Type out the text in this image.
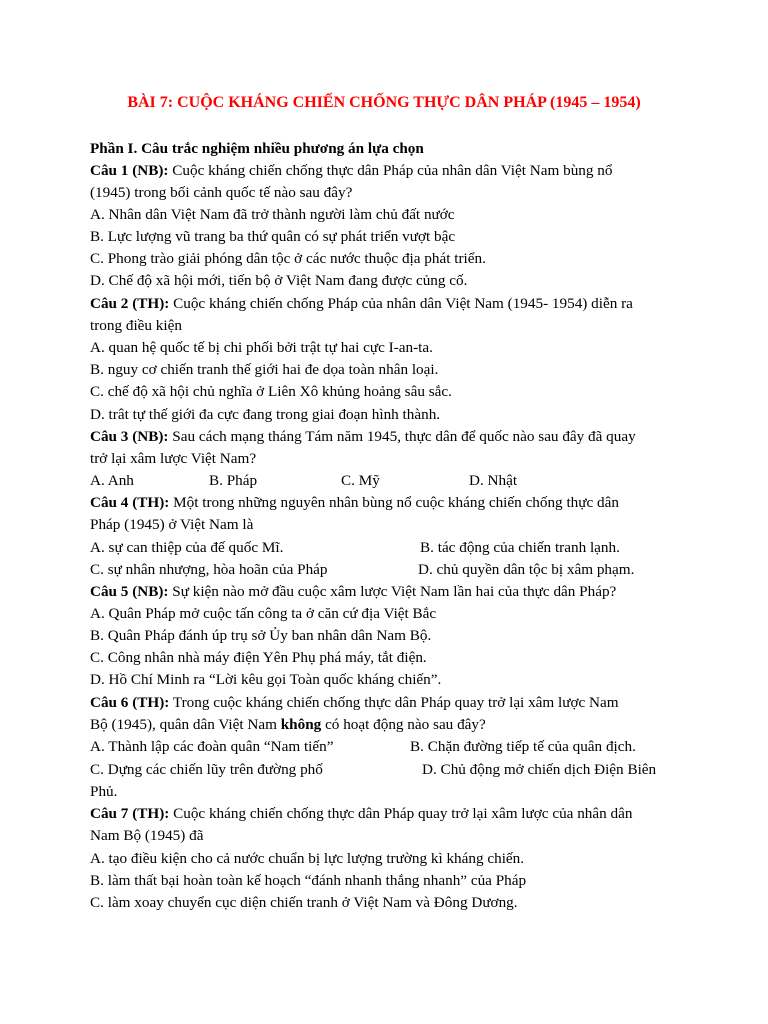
BÀI 7: CUỘC KHÁNG CHIẾN CHỐNG THỰC DÂN PHÁP (1945 – 1954)
Phần I. Câu trắc nghiệm nhiều phương án lựa chọn
Câu 1 (NB): Cuộc kháng chiến chống thực dân Pháp của nhân dân Việt Nam bùng nổ
(1945) trong bối cảnh quốc tế nào sau đây?
A. Nhân dân Việt Nam đã trở thành người làm chủ đất nước
B. Lực lượng vũ trang ba thứ quân có sự phát triển vượt bậc
C. Phong trào giải phóng dân tộc ở các nước thuộc địa phát triển.
D. Chế độ xã hội mới, tiến bộ ở Việt Nam đang được củng cố.
Câu 2 (TH): Cuộc kháng chiến chống Pháp của nhân dân Việt Nam (1945- 1954) diễn ra
trong điều kiện
A. quan hệ quốc tế bị chi phối bởi trật tự hai cực I-an-ta.
B. nguy cơ chiến tranh thế giới hai đe dọa toàn nhân loại.
C. chế độ xã hội chủ nghĩa ở Liên Xô khủng hoảng sâu sắc.
D. trât tự thế giới đa cực đang trong giai đoạn hình thành.
Câu 3 (NB): Sau cách mạng tháng Tám năm 1945, thực dân để quốc nào sau đây đã quay
trở lại xâm lược Việt Nam?
A. Anh	B. Pháp	C. Mỹ	D. Nhật
Câu 4 (TH): Một trong những nguyên nhân bùng nổ cuộc kháng chiến chống thực dân
Pháp (1945) ở Việt Nam là
A. sự can thiệp của đế quốc Mĩ.	B. tác động của chiến tranh lạnh.
C. sự nhân nhượng, hòa hoãn của Pháp	D. chủ quyền dân tộc bị xâm phạm.
Câu 5 (NB): Sự kiện nào mở đầu cuộc xâm lược Việt Nam lần hai của thực dân Pháp?
A. Quân Pháp mở cuộc tấn công ta ở căn cứ địa Việt Bắc
B. Quân Pháp đánh úp trụ sở Ủy ban nhân dân Nam Bộ.
C. Công nhân nhà máy điện Yên Phụ phá máy, tắt điện.
D. Hồ Chí Minh ra “Lời kêu gọi Toàn quốc kháng chiến”.
Câu 6 (TH): Trong cuộc kháng chiến chống thực dân Pháp quay trở lại xâm lược Nam
Bộ (1945), quân dân Việt Nam không có hoạt động nào sau đây?
A. Thành lập các đoàn quân “Nam tiến”	B. Chặn đường tiếp tế của quân địch.
C. Dựng các chiến lũy trên đường phố	D. Chủ động mở chiến dịch Điện Biên
Phủ.
Câu 7 (TH): Cuộc kháng chiến chống thực dân Pháp quay trở lại xâm lược của nhân dân
Nam Bộ (1945) đã
A. tạo điều kiện cho cả nước chuẩn bị lực lượng trường kì kháng chiến.
B. làm thất bại hoàn toàn kế hoạch “đánh nhanh thắng nhanh” của Pháp
C. làm xoay chuyển cục diện chiến tranh ở Việt Nam và Đông Dương.
